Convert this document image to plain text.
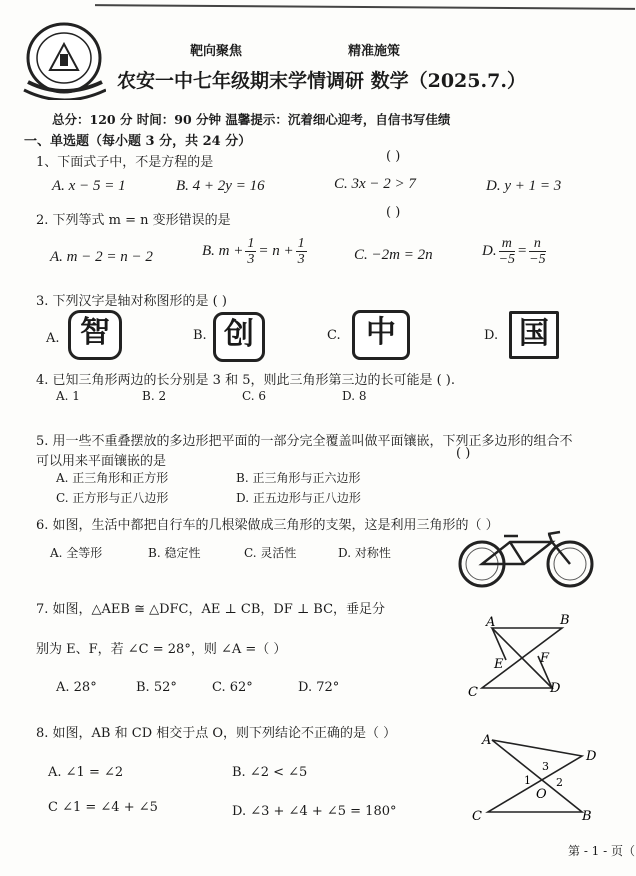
靶向聚焦	精准施策
农安一中七年级期末学情调研 数学（2025.7.）
总分：120 分 时间：90 分钟 温馨提示：沉着细心迎考，自信书写佳绩
一、单选题（每小题 3 分，共 24 分）
1、下面式子中，不是方程的是	( )
A. x − 5 = 1	B. 4 + 2y = 16	C. 3x − 2 > 7	D. y + 1 = 3
2. 下列等式 m = n 变形错误的是
( )
A. m − 2 = n − 2	B. $m + \frac{1}{3} = n + \frac{1}{3}$	C. −2m = 2n	D. $\frac{m}{-5} = \frac{n}{-5}$
3. 下列汉字是轴对称图形的是 ( )
A. 智	B. 创	C. 中	D. 国
4. 已知三角形两边的长分别是 3 和 5，则此三角形第三边的长可能是 ( ).
A. 1	B. 2	C. 6	D. 8
5. 用一些不重叠摆放的多边形把平面的一部分完全覆盖叫做平面镶嵌，下列正多边形的组合不
可以用来平面镶嵌的是
( )
A. 正三角形和正方形	B. 正三角形与正六边形
C. 正方形与正八边形	D. 正五边形与正八边形
6. 如图，生活中都把自行车的几根梁做成三角形的支架，这是利用三角形的（ ）
A. 全等形	B. 稳定性	C. 灵活性	D. 对称性
7. 如图，△AEB ≅ △DFC，AE ⊥ CB，DF ⊥ BC，垂足分
别为 E、F，若 ∠C = 28°，则 ∠A =（ ）
A. 28°	B. 52°	C. 62°	D. 72°
A	B
E	F
C	D
8. 如图，AB 和 CD 相交于点 O，则下列结论不正确的是（ ）
A. ∠1 = ∠2	B. ∠2 < ∠5
C ∠1 = ∠4 + ∠5	D. ∠3 + ∠4 + ∠5 = 180°
A
D
3
1 2
O
C	B
第 - 1 - 页（
